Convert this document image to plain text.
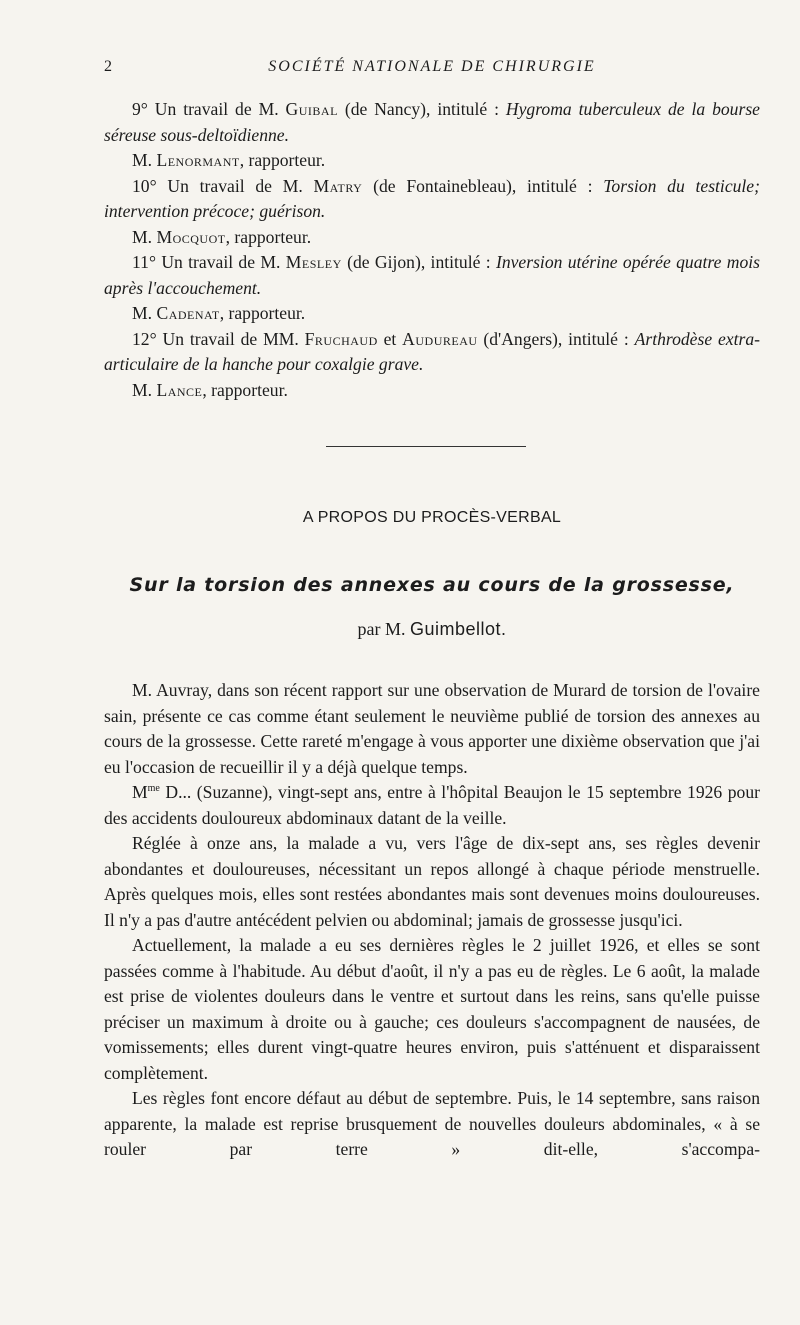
2	SOCIÉTÉ NATIONALE DE CHIRURGIE

9° Un travail de M. Guibal (de Nancy), intitulé : Hygroma tuberculeux de la bourse séreuse sous-deltoïdienne.

M. Lenormant, rapporteur.

10° Un travail de M. Matry (de Fontainebleau), intitulé : Torsion du testicule; intervention précoce; guérison.

M. Mocquot, rapporteur.

11° Un travail de M. Mesley (de Gijon), intitulé : Inversion utérine opérée quatre mois après l'accouchement.

M. Cadenat, rapporteur.

12° Un travail de MM. Fruchaud et Audureau (d'Angers), intitulé : Arthrodèse extra-articulaire de la hanche pour coxalgie grave.

M. Lance, rapporteur.

A PROPOS DU PROCÈS-VERBAL
Sur la torsion des annexes au cours de la grossesse,
par M. Guimbellot.

M. Auvray, dans son récent rapport sur une observation de Murard de torsion de l'ovaire sain, présente ce cas comme étant seulement le neuvième publié de torsion des annexes au cours de la grossesse. Cette rareté m'engage à vous apporter une dixième observation que j'ai eu l'occasion de recueillir il y a déjà quelque temps.

$M^{me}$ D... (Suzanne), vingt-sept ans, entre à l'hôpital Beaujon le 15 septembre 1926 pour des accidents douloureux abdominaux datant de la veille.

Réglée à onze ans, la malade a vu, vers l'âge de dix-sept ans, ses règles devenir abondantes et douloureuses, nécessitant un repos allongé à chaque période menstruelle. Après quelques mois, elles sont restées abondantes mais sont devenues moins douloureuses. Il n'y a pas d'autre antécédent pelvien ou abdominal; jamais de grossesse jusqu'ici.

Actuellement, la malade a eu ses dernières règles le 2 juillet 1926, et elles se sont passées comme à l'habitude. Au début d'août, il n'y a pas eu de règles. Le 6 août, la malade est prise de violentes douleurs dans le ventre et surtout dans les reins, sans qu'elle puisse préciser un maximum à droite ou à gauche; ces douleurs s'accompagnent de nausées, de vomissements; elles durent vingt-quatre heures environ, puis s'atténuent et disparaissent complètement.

Les règles font encore défaut au début de septembre. Puis, le 14 septembre, sans raison apparente, la malade est reprise brusquement de nouvelles douleurs abdominales, « à se rouler par terre » dit-elle, s'accompa-
